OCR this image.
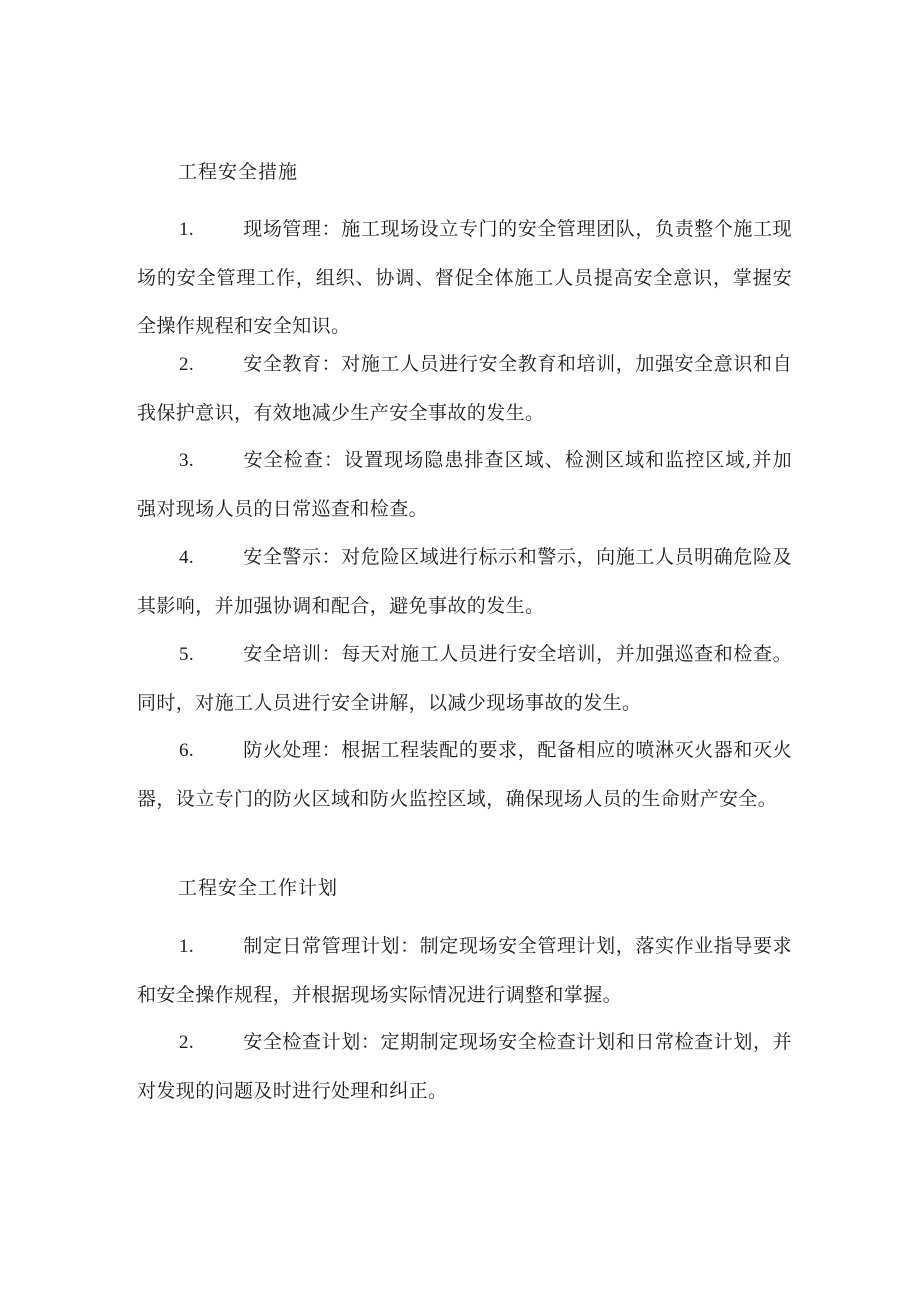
工程安全措施

1.	现场管理：施工现场设立专门的安全管理团队，负责整个施工现场的安全管理工作，组织、协调、督促全体施工人员提高安全意识，掌握安全操作规程和安全知识。

2.	安全教育：对施工人员进行安全教育和培训，加强安全意识和自我保护意识，有效地减少生产安全事故的发生。

3.	安全检查：设置现场隐患排查区域、检测区域和监控区域,并加强对现场人员的日常巡查和检查。

4.	安全警示：对危险区域进行标示和警示，向施工人员明确危险及其影响，并加强协调和配合，避免事故的发生。

5.	安全培训：每天对施工人员进行安全培训，并加强巡查和检查。同时，对施工人员进行安全讲解，以减少现场事故的发生。

6.	防火处理：根据工程装配的要求，配备相应的喷淋灭火器和灭火器，设立专门的防火区域和防火监控区域，确保现场人员的生命财产安全。

工程安全工作计划

1.	制定日常管理计划：制定现场安全管理计划，落实作业指导要求和安全操作规程，并根据现场实际情况进行调整和掌握。

2.	安全检查计划：定期制定现场安全检查计划和日常检查计划，并对发现的问题及时进行处理和纠正。
